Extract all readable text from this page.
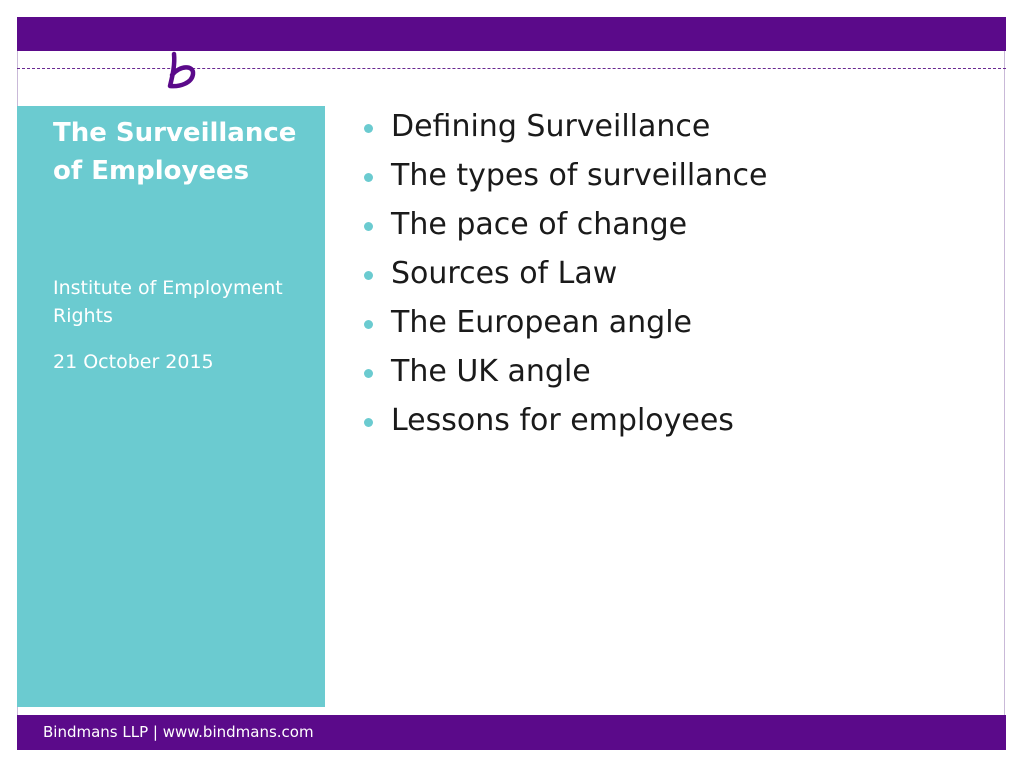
The Surveillance of Employees

Institute of Employment Rights

21 October 2015

Defining Surveillance
The types of surveillance
The pace of change
Sources of Law
The European angle
The UK angle
Lessons for employees
Bindmans LLP | www.bindmans.com
